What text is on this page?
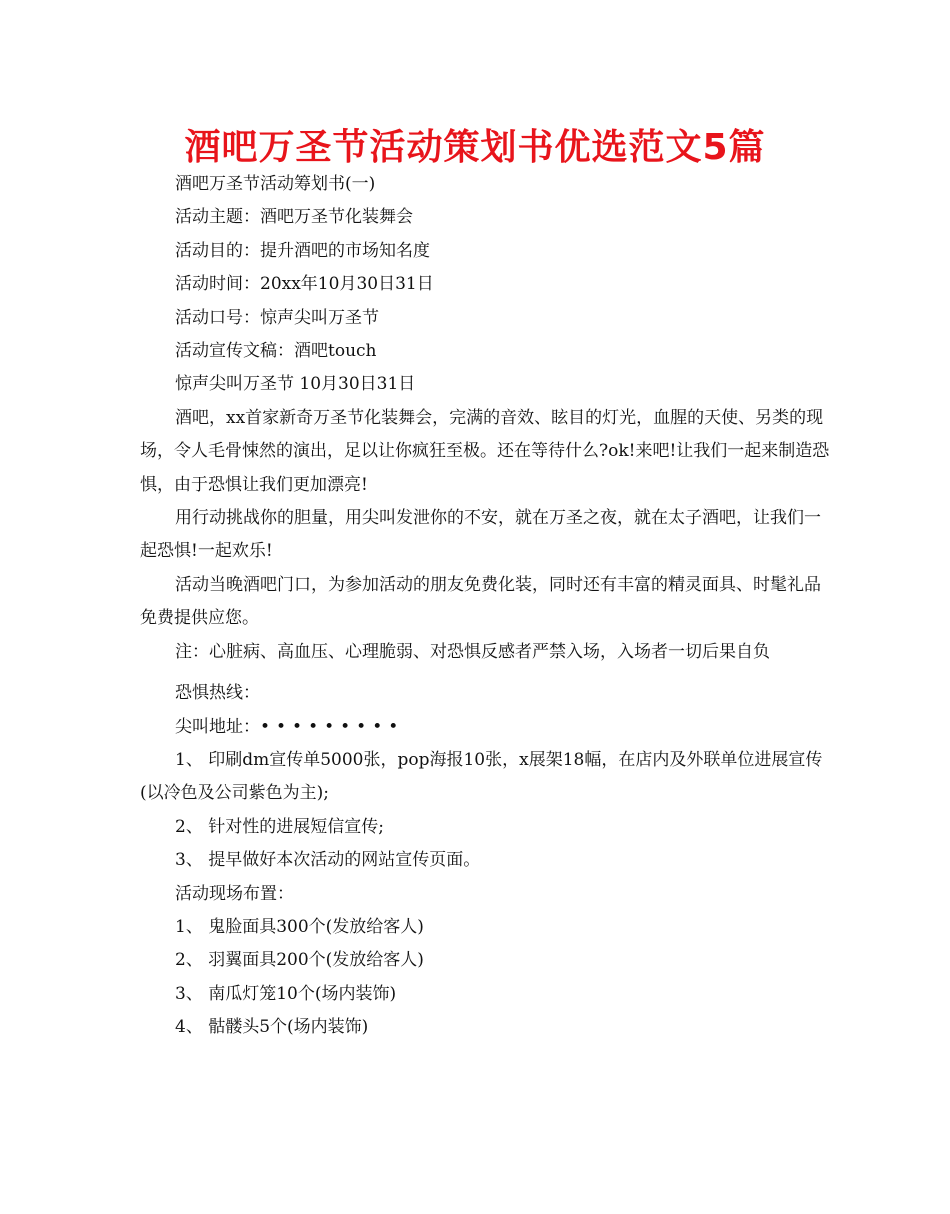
酒吧万圣节活动策划书优选范文5篇

酒吧万圣节活动筹划书(一)

活动主题：酒吧万圣节化装舞会

活动目的：提升酒吧的市场知名度

活动时间：20xx年10月30日31日

活动口号：惊声尖叫万圣节

活动宣传文稿：酒吧touch

惊声尖叫万圣节 10月30日31日

酒吧，xx首家新奇万圣节化装舞会，完满的音效、眩目的灯光，血腥的天使、另类的现场，令人毛骨悚然的演出，足以让你疯狂至极。还在等待什么?ok!来吧!让我们一起来制造恐惧，由于恐惧让我们更加漂亮!

用行动挑战你的胆量，用尖叫发泄你的不安，就在万圣之夜，就在太子酒吧，让我们一起恐惧!一起欢乐!

活动当晚酒吧门口，为参加活动的朋友免费化装，同时还有丰富的精灵面具、时髦礼品免费提供应您。

注：心脏病、高血压、心理脆弱、对恐惧反感者严禁入场，入场者一切后果自负

恐惧热线：

尖叫地址：•••••••••

1、 印刷dm宣传单5000张，pop海报10张，x展架18幅，在店内及外联单位进展宣传(以冷色及公司紫色为主);

2、 针对性的进展短信宣传;

3、 提早做好本次活动的网站宣传页面。

活动现场布置：

1、 鬼脸面具300个(发放给客人)

2、 羽翼面具200个(发放给客人)

3、 南瓜灯笼10个(场内装饰)

4、 骷髅头5个(场内装饰)
